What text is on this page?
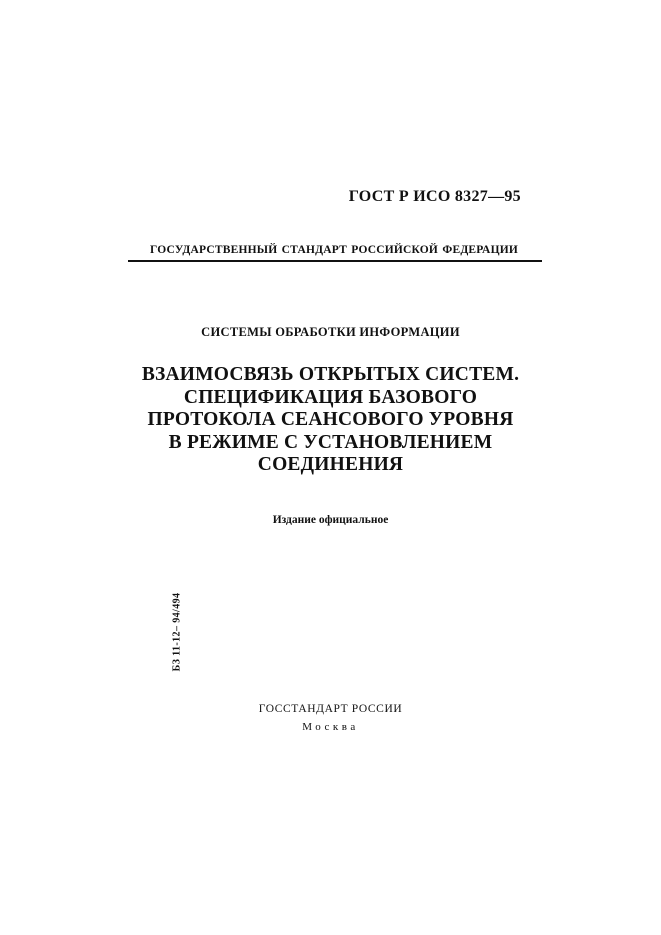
ГОСТ Р ИСО 8327—95
ГОСУДАРСТВЕННЫЙ СТАНДАРТ РОССИЙСКОЙ ФЕДЕРАЦИИ
СИСТЕМЫ ОБРАБОТКИ ИНФОРМАЦИИ
ВЗАИМОСВЯЗЬ ОТКРЫТЫХ СИСТЕМ.
СПЕЦИФИКАЦИЯ БАЗОВОГО
ПРОТОКОЛА СЕАНСОВОГО УРОВНЯ
В РЕЖИМЕ С УСТАНОВЛЕНИЕМ
СОЕДИНЕНИЯ
Издание официальное
БЗ 11-12– 94/494
ГОССТАНДАРТ РОССИИ
Москва
